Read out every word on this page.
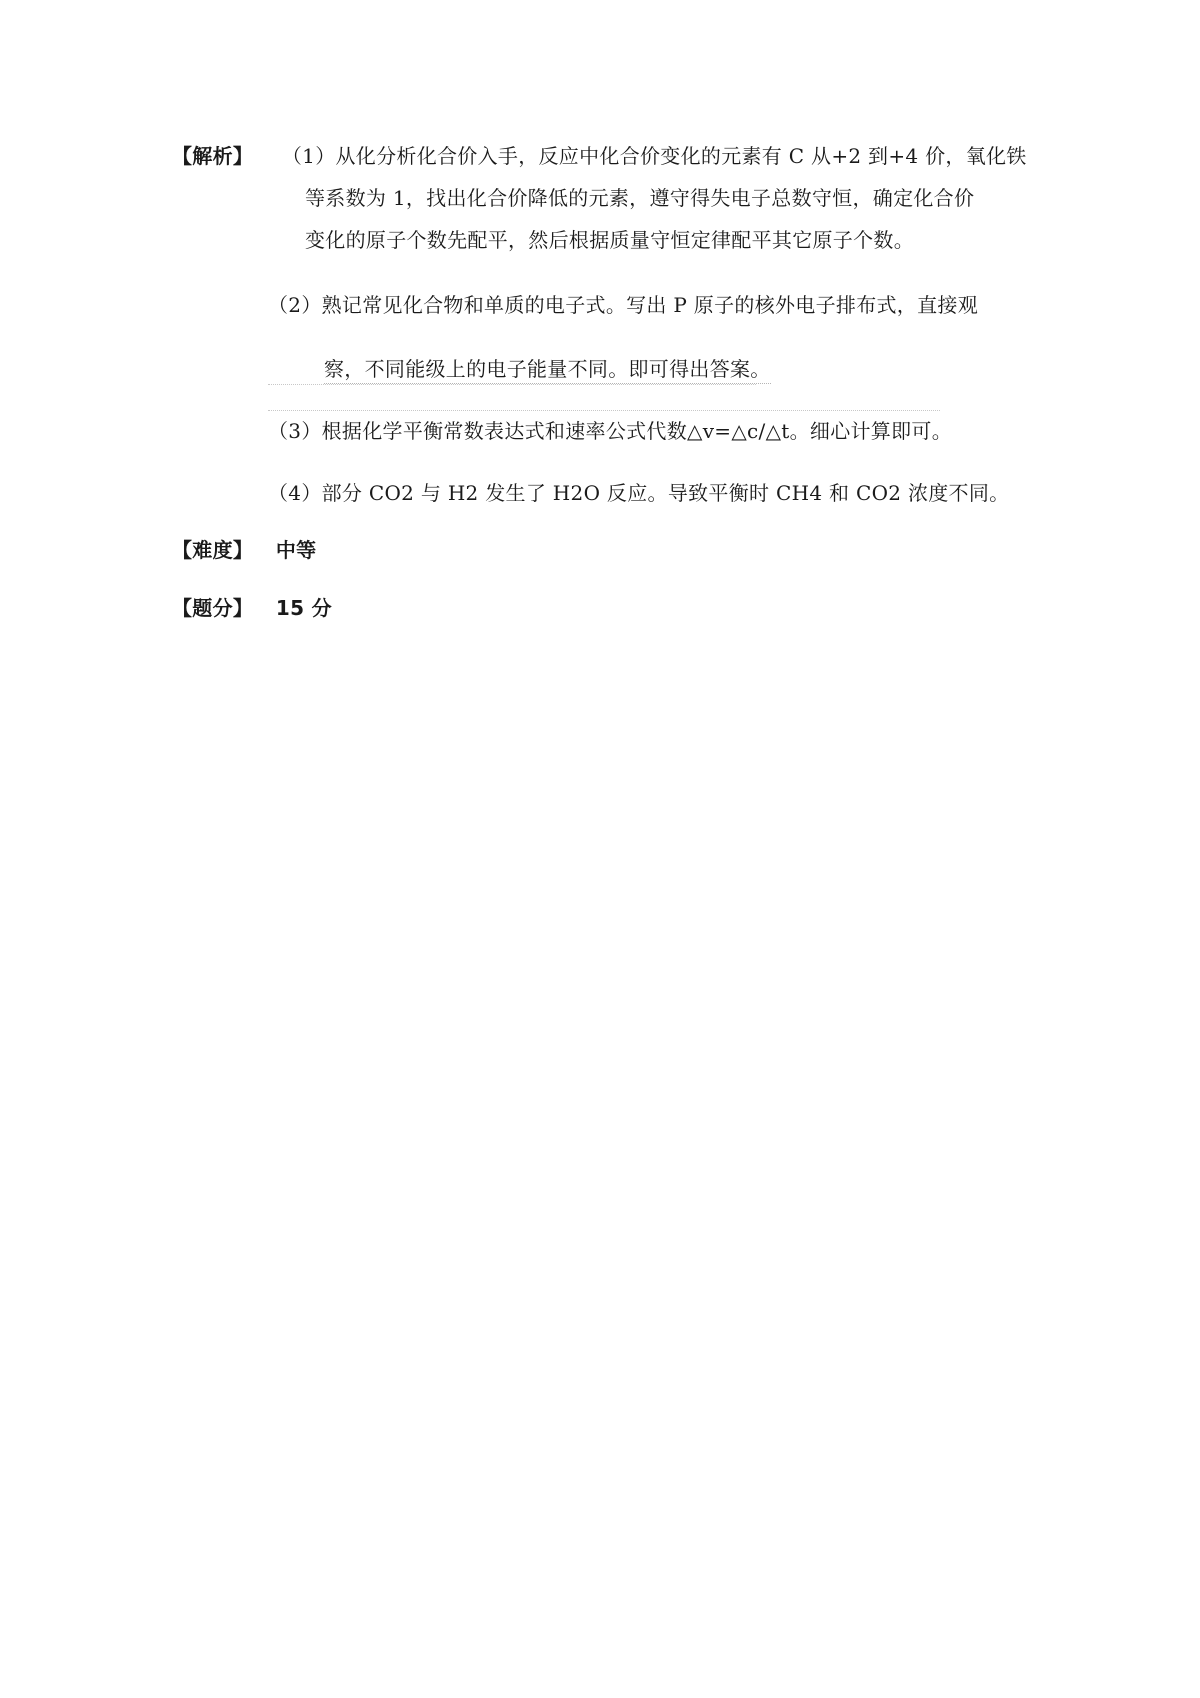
【解析】 （1）从化分析化合价入手，反应中化合价变化的元素有 C 从+2 到+4 价，氧化铁
等系数为 1，找出化合价降低的元素，遵守得失电子总数守恒，确定化合价
变化的原子个数先配平，然后根据质量守恒定律配平其它原子个数。
（2）熟记常见化合物和单质的电子式。写出 P 原子的核外电子排布式，直接观
察，不同能级上的电子能量不同。即可得出答案。
（3）根据化学平衡常数表达式和速率公式代数△v=△c/△t。细心计算即可。
（4）部分 CO2 与 H2 发生了 H2O 反应。导致平衡时 CH4 和 CO2 浓度不同。
【难度】 中等
【题分】 15 分
